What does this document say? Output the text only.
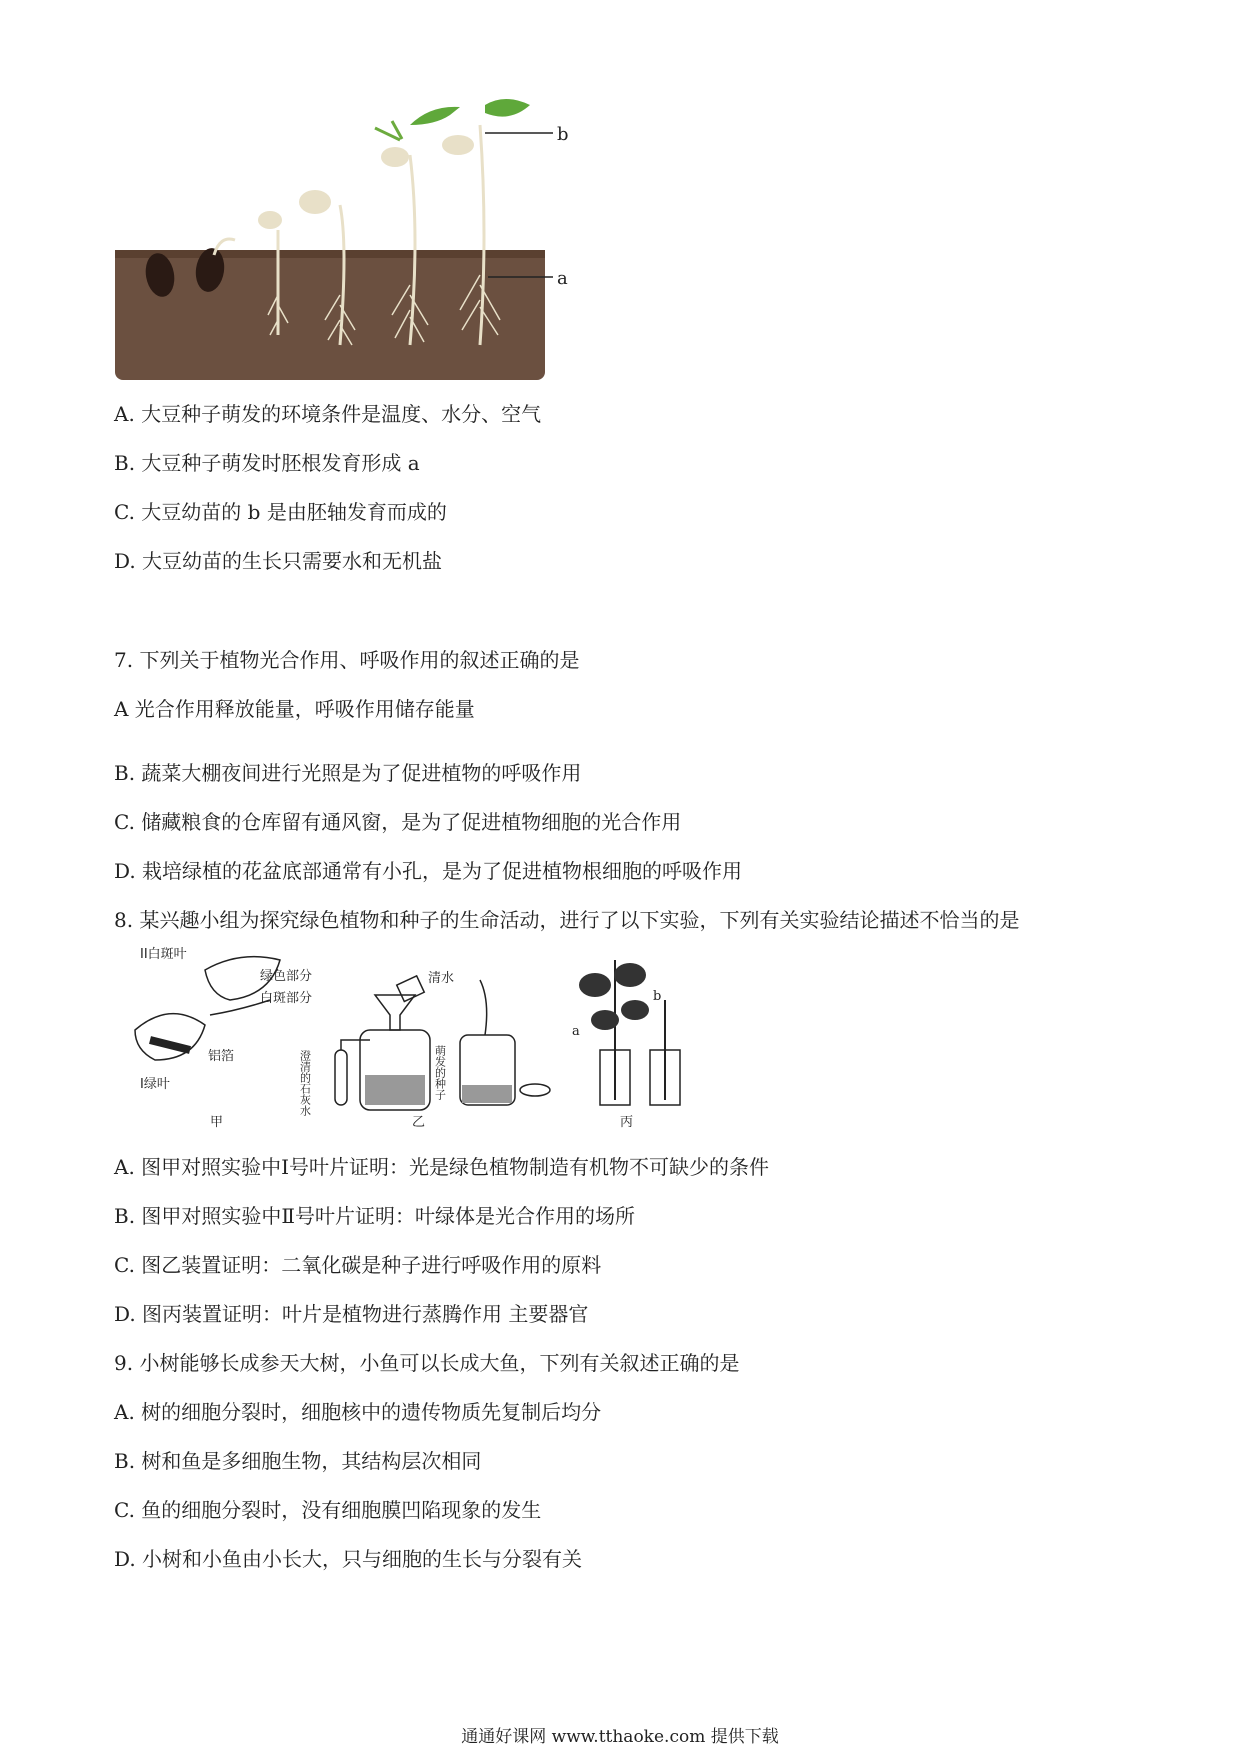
b
a
A. 大豆种子萌发的环境条件是温度、水分、空气
B. 大豆种子萌发时胚根发育形成 a
C. 大豆幼苗的 b 是由胚轴发育而成的
D. 大豆幼苗的生长只需要水和无机盐
7. 下列关于植物光合作用、呼吸作用的叙述正确的是
A 光合作用释放能量，呼吸作用储存能量
B. 蔬菜大棚夜间进行光照是为了促进植物的呼吸作用
C. 储藏粮食的仓库留有通风窗，是为了促进植物细胞的光合作用
D. 栽培绿植的花盆底部通常有小孔，是为了促进植物根细胞的呼吸作用
8. 某兴趣小组为探究绿色植物和种子的生命活动，进行了以下实验，下列有关实验结论描述不恰当的是
II白斑叶
绿色部分
白斑部分
铝箔
I绿叶
甲
清水
澄清的石灰水	萌发的种子
乙
a
b
丙
A. 图甲对照实验中Ⅰ号叶片证明：光是绿色植物制造有机物不可缺少的条件
B. 图甲对照实验中Ⅱ号叶片证明：叶绿体是光合作用的场所
C. 图乙装置证明：二氧化碳是种子进行呼吸作用的原料
D. 图丙装置证明：叶片是植物进行蒸腾作用 主要器官
9. 小树能够长成参天大树，小鱼可以长成大鱼，下列有关叙述正确的是
A. 树的细胞分裂时，细胞核中的遗传物质先复制后均分
B. 树和鱼是多细胞生物，其结构层次相同
C. 鱼的细胞分裂时，没有细胞膜凹陷现象的发生
D. 小树和小鱼由小长大，只与细胞的生长与分裂有关
通通好课网 www.tthaoke.com 提供下载
